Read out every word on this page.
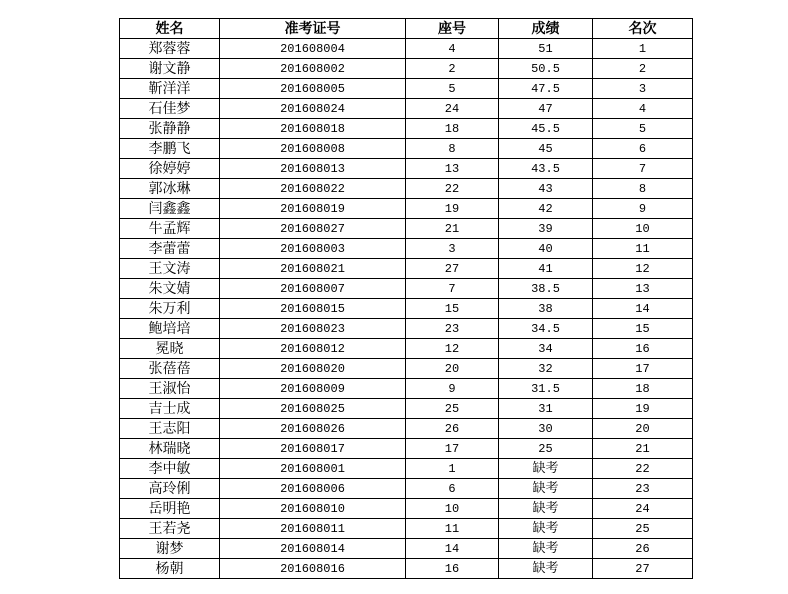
姓名	准考证号	座号	成绩	名次
郑蓉蓉	201608004	4	51	1
谢文静	201608002	2	50.5	2
靳洋洋	201608005	5	47.5	3
石佳梦	201608024	24	47	4
张静静	201608018	18	45.5	5
李鹏飞	201608008	8	45	6
徐婷婷	201608013	13	43.5	7
郭冰琳	201608022	22	43	8
闫鑫鑫	201608019	19	42	9
牛孟辉	201608027	21	39	10
李蕾蕾	201608003	3	40	11
王文涛	201608021	27	41	12
朱文婧	201608007	7	38.5	13
朱万利	201608015	15	38	14
鲍培培	201608023	23	34.5	15
冕晓	201608012	12	34	16
张蓓蓓	201608020	20	32	17
王淑怡	201608009	9	31.5	18
吉士成	201608025	25	31	19
王志阳	201608026	26	30	20
林瑞晓	201608017	17	25	21
李中敏	201608001	1	缺考	22
高玲俐	201608006	6	缺考	23
岳明艳	201608010	10	缺考	24
王若尧	201608011	11	缺考	25
谢梦	201608014	14	缺考	26
杨朝	201608016	16	缺考	27
